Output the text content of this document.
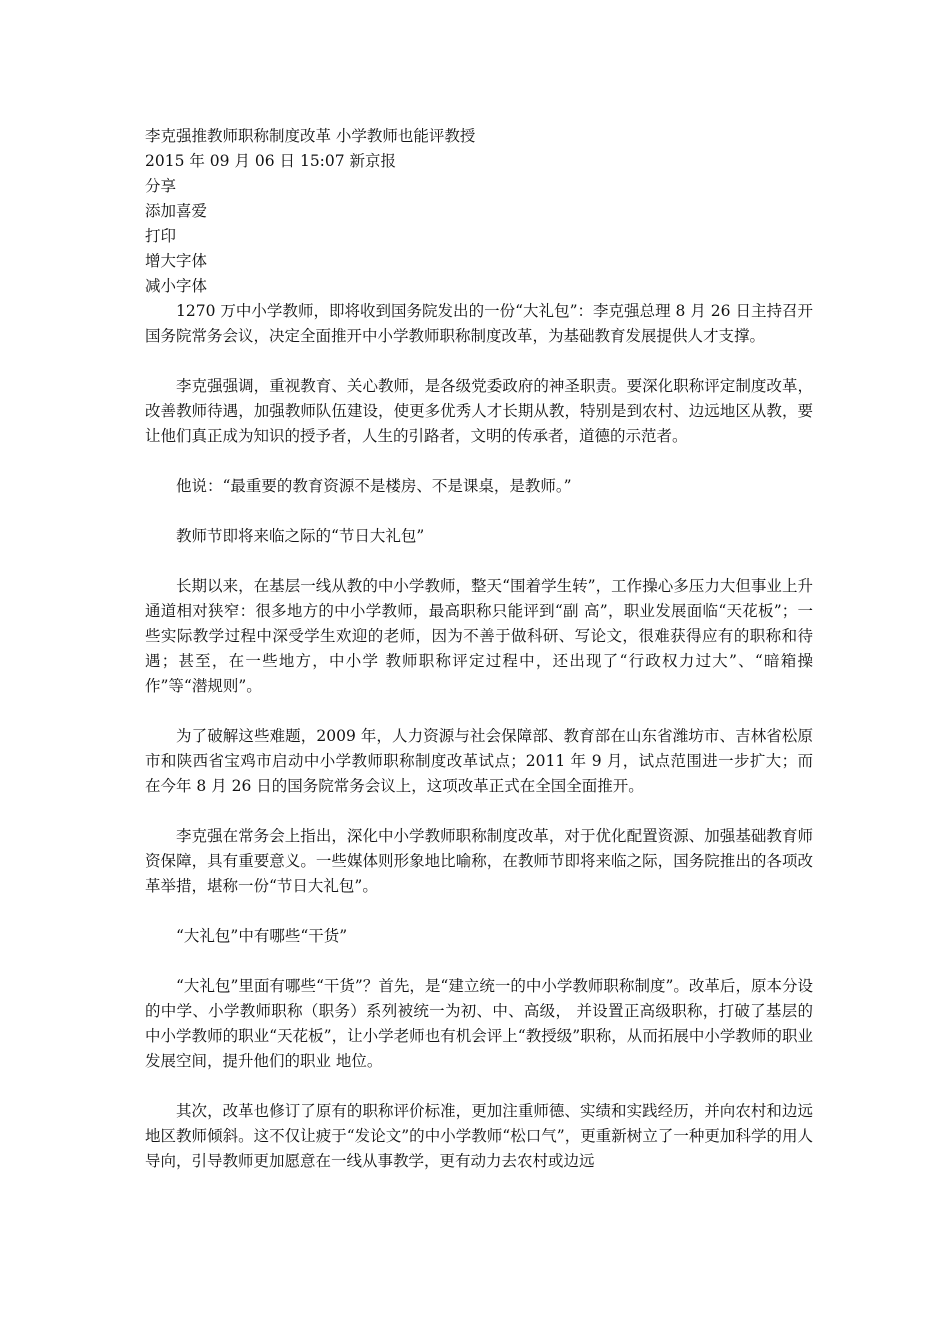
李克强推教师职称制度改革 小学教师也能评教授

2015 年 09 月 06 日 15:07 新京报

分享

添加喜爱

打印

增大字体

减小字体

1270 万中小学教师，即将收到国务院发出的一份“大礼包”：李克强总理 8 月 26 日主持召开国务院常务会议，决定全面推开中小学教师职称制度改革，为基础教育发展提供人才支撑。

李克强强调，重视教育、关心教师，是各级党委政府的神圣职责。要深化职称评定制度改革，改善教师待遇，加强教师队伍建设，使更多优秀人才长期从教，特别是到农村、边远地区从教，要让他们真正成为知识的授予者，人生的引路者，文明的传承者，道德的示范者。

他说：“最重要的教育资源不是楼房、不是课桌，是教师。”

教师节即将来临之际的“节日大礼包”

长期以来，在基层一线从教的中小学教师，整天“围着学生转”，工作操心多压力大但事业上升通道相对狭窄：很多地方的中小学教师，最高职称只能评到“副 高”，职业发展面临“天花板”；一些实际教学过程中深受学生欢迎的老师，因为不善于做科研、写论文，很难获得应有的职称和待遇；甚至，在一些地方，中小学 教师职称评定过程中，还出现了“行政权力过大”、“暗箱操作”等“潜规则”。

为了破解这些难题，2009 年，人力资源与社会保障部、教育部在山东省潍坊市、吉林省松原市和陕西省宝鸡市启动中小学教师职称制度改革试点；2011 年 9 月，试点范围进一步扩大；而在今年 8 月 26 日的国务院常务会议上，这项改革正式在全国全面推开。

李克强在常务会上指出，深化中小学教师职称制度改革，对于优化配置资源、加强基础教育师资保障，具有重要意义。一些媒体则形象地比喻称，在教师节即将来临之际，国务院推出的各项改革举措，堪称一份“节日大礼包”。

“大礼包”中有哪些“干货”

“大礼包”里面有哪些“干货”？首先，是“建立统一的中小学教师职称制度”。改革后，原本分设的中学、小学教师职称（职务）系列被统一为初、中、高级， 并设置正高级职称，打破了基层的中小学教师的职业“天花板”，让小学老师也有机会评上“教授级”职称，从而拓展中小学教师的职业发展空间，提升他们的职业 地位。

其次，改革也修订了原有的职称评价标准，更加注重师德、实绩和实践经历，并向农村和边远地区教师倾斜。这不仅让疲于“发论文”的中小学教师“松口气”，更重新树立了一种更加科学的用人导向，引导教师更加愿意在一线从事教学，更有动力去农村或边远
